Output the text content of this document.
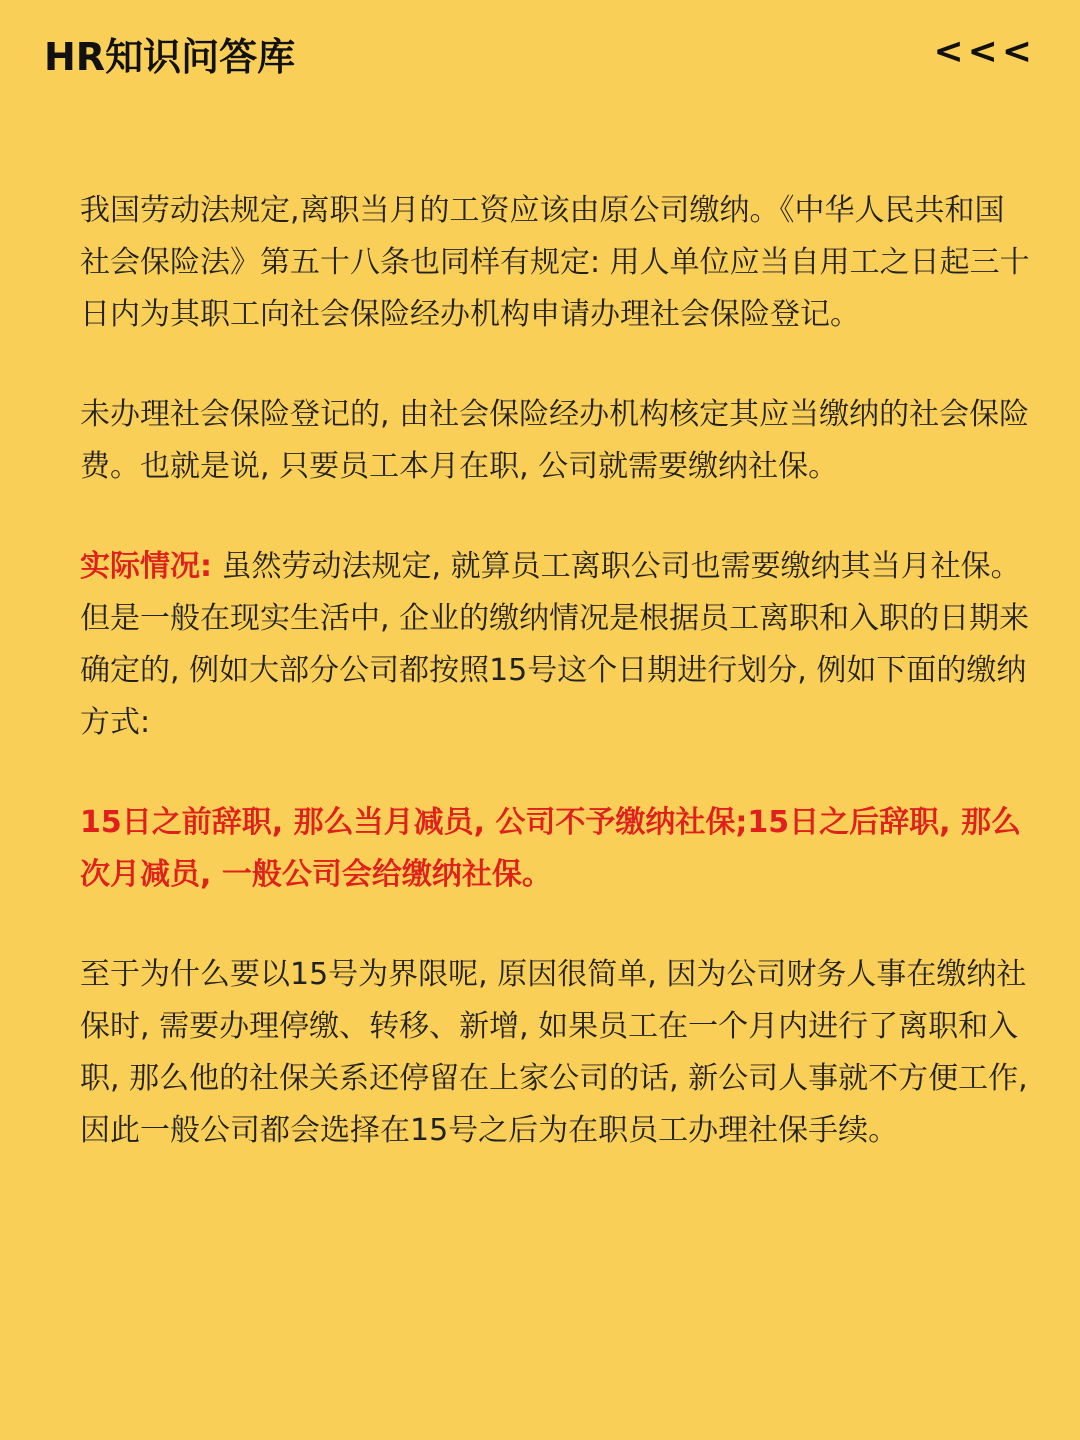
HR知识问答库	<<<

我国劳动法规定,离职当月的工资应该由原公司缴纳。《中华人民共和国社会保险法》第五十八条也同样有规定: 用人单位应当自用工之日起三十日内为其职工向社会保险经办机构申请办理社会保险登记。

未办理社会保险登记的, 由社会保险经办机构核定其应当缴纳的社会保险费。也就是说, 只要员工本月在职, 公司就需要缴纳社保。

实际情况: 虽然劳动法规定, 就算员工离职公司也需要缴纳其当月社保。但是一般在现实生活中, 企业的缴纳情况是根据员工离职和入职的日期来确定的, 例如大部分公司都按照15号这个日期进行划分, 例如下面的缴纳方式:

15日之前辞职, 那么当月减员, 公司不予缴纳社保;15日之后辞职, 那么次月减员, 一般公司会给缴纳社保。

至于为什么要以15号为界限呢, 原因很简单, 因为公司财务人事在缴纳社保时, 需要办理停缴、转移、新增, 如果员工在一个月内进行了离职和入职, 那么他的社保关系还停留在上家公司的话, 新公司人事就不方便工作, 因此一般公司都会选择在15号之后为在职员工办理社保手续。
